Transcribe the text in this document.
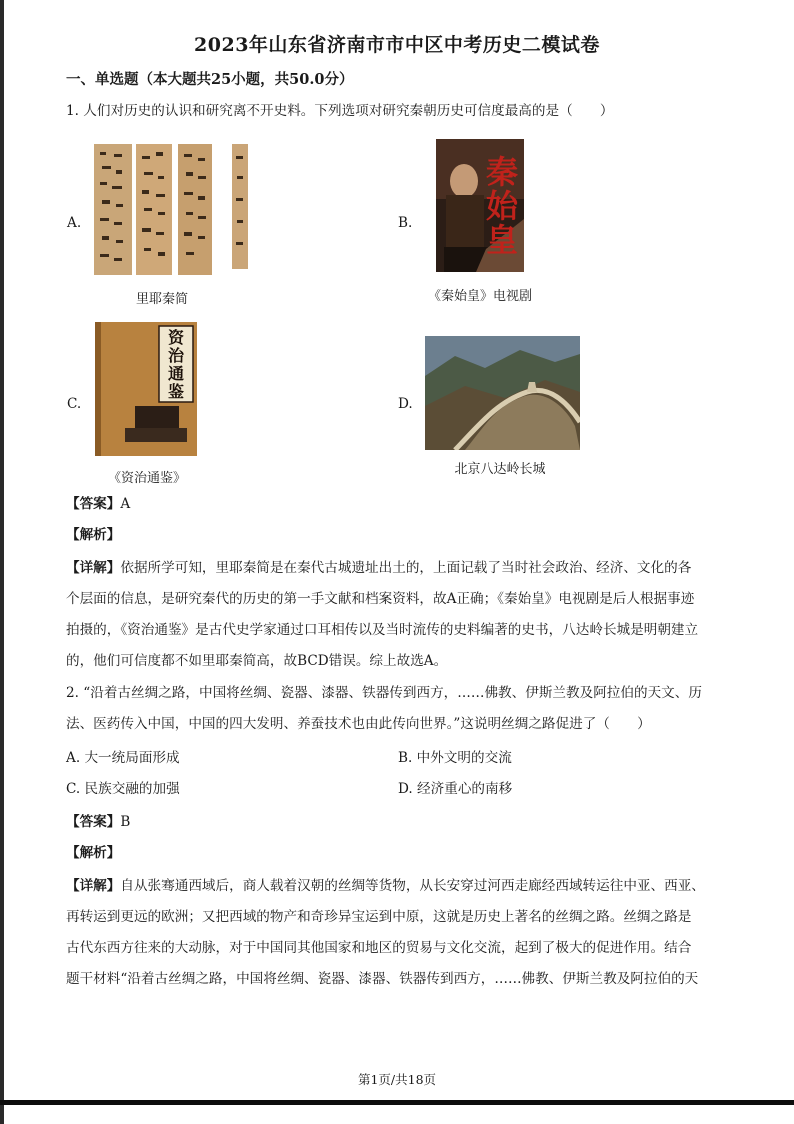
2023年山东省济南市市中区中考历史二模试卷
一、单选题（本大题共25小题，共50.0分）
1. 人们对历史的认识和研究离不开史料。下列选项对研究秦朝历史可信度最高的是（　　）
A.
里耶秦简
B.
秦始皇
《秦始皇》电视剧
C.
资治通鉴
《资治通鉴》
D.
北京八达岭长城
【答案】A
【解析】
【详解】依据所学可知，里耶秦简是在秦代古城遗址出土的，上面记载了当时社会政治、经济、文化的各
个层面的信息，是研究秦代的历史的第一手文献和档案资料，故A正确；《秦始皇》电视剧是后人根据事迹
拍摄的，《资治通鉴》是古代史学家通过口耳相传以及当时流传的史料编著的史书，八达岭长城是明朝建立
的，他们可信度都不如里耶秦简高，故BCD错误。综上故选A。
2. “沿着古丝绸之路，中国将丝绸、瓷器、漆器、铁器传到西方，……佛教、伊斯兰教及阿拉伯的天文、历
法、医药传入中国，中国的四大发明、养蚕技术也由此传向世界。”这说明丝绸之路促进了（　　）
A. 大一统局面形成	B. 中外文明的交流
C. 民族交融的加强	D. 经济重心的南移
【答案】B
【解析】
【详解】自从张骞通西域后，商人载着汉朝的丝绸等货物，从长安穿过河西走廊经西域转运往中亚、西亚、
再转运到更远的欧洲；又把西域的物产和奇珍异宝运到中原，这就是历史上著名的丝绸之路。丝绸之路是
古代东西方往来的大动脉，对于中国同其他国家和地区的贸易与文化交流，起到了极大的促进作用。结合
题干材料“沿着古丝绸之路，中国将丝绸、瓷器、漆器、铁器传到西方，……佛教、伊斯兰教及阿拉伯的天
第1页/共18页
